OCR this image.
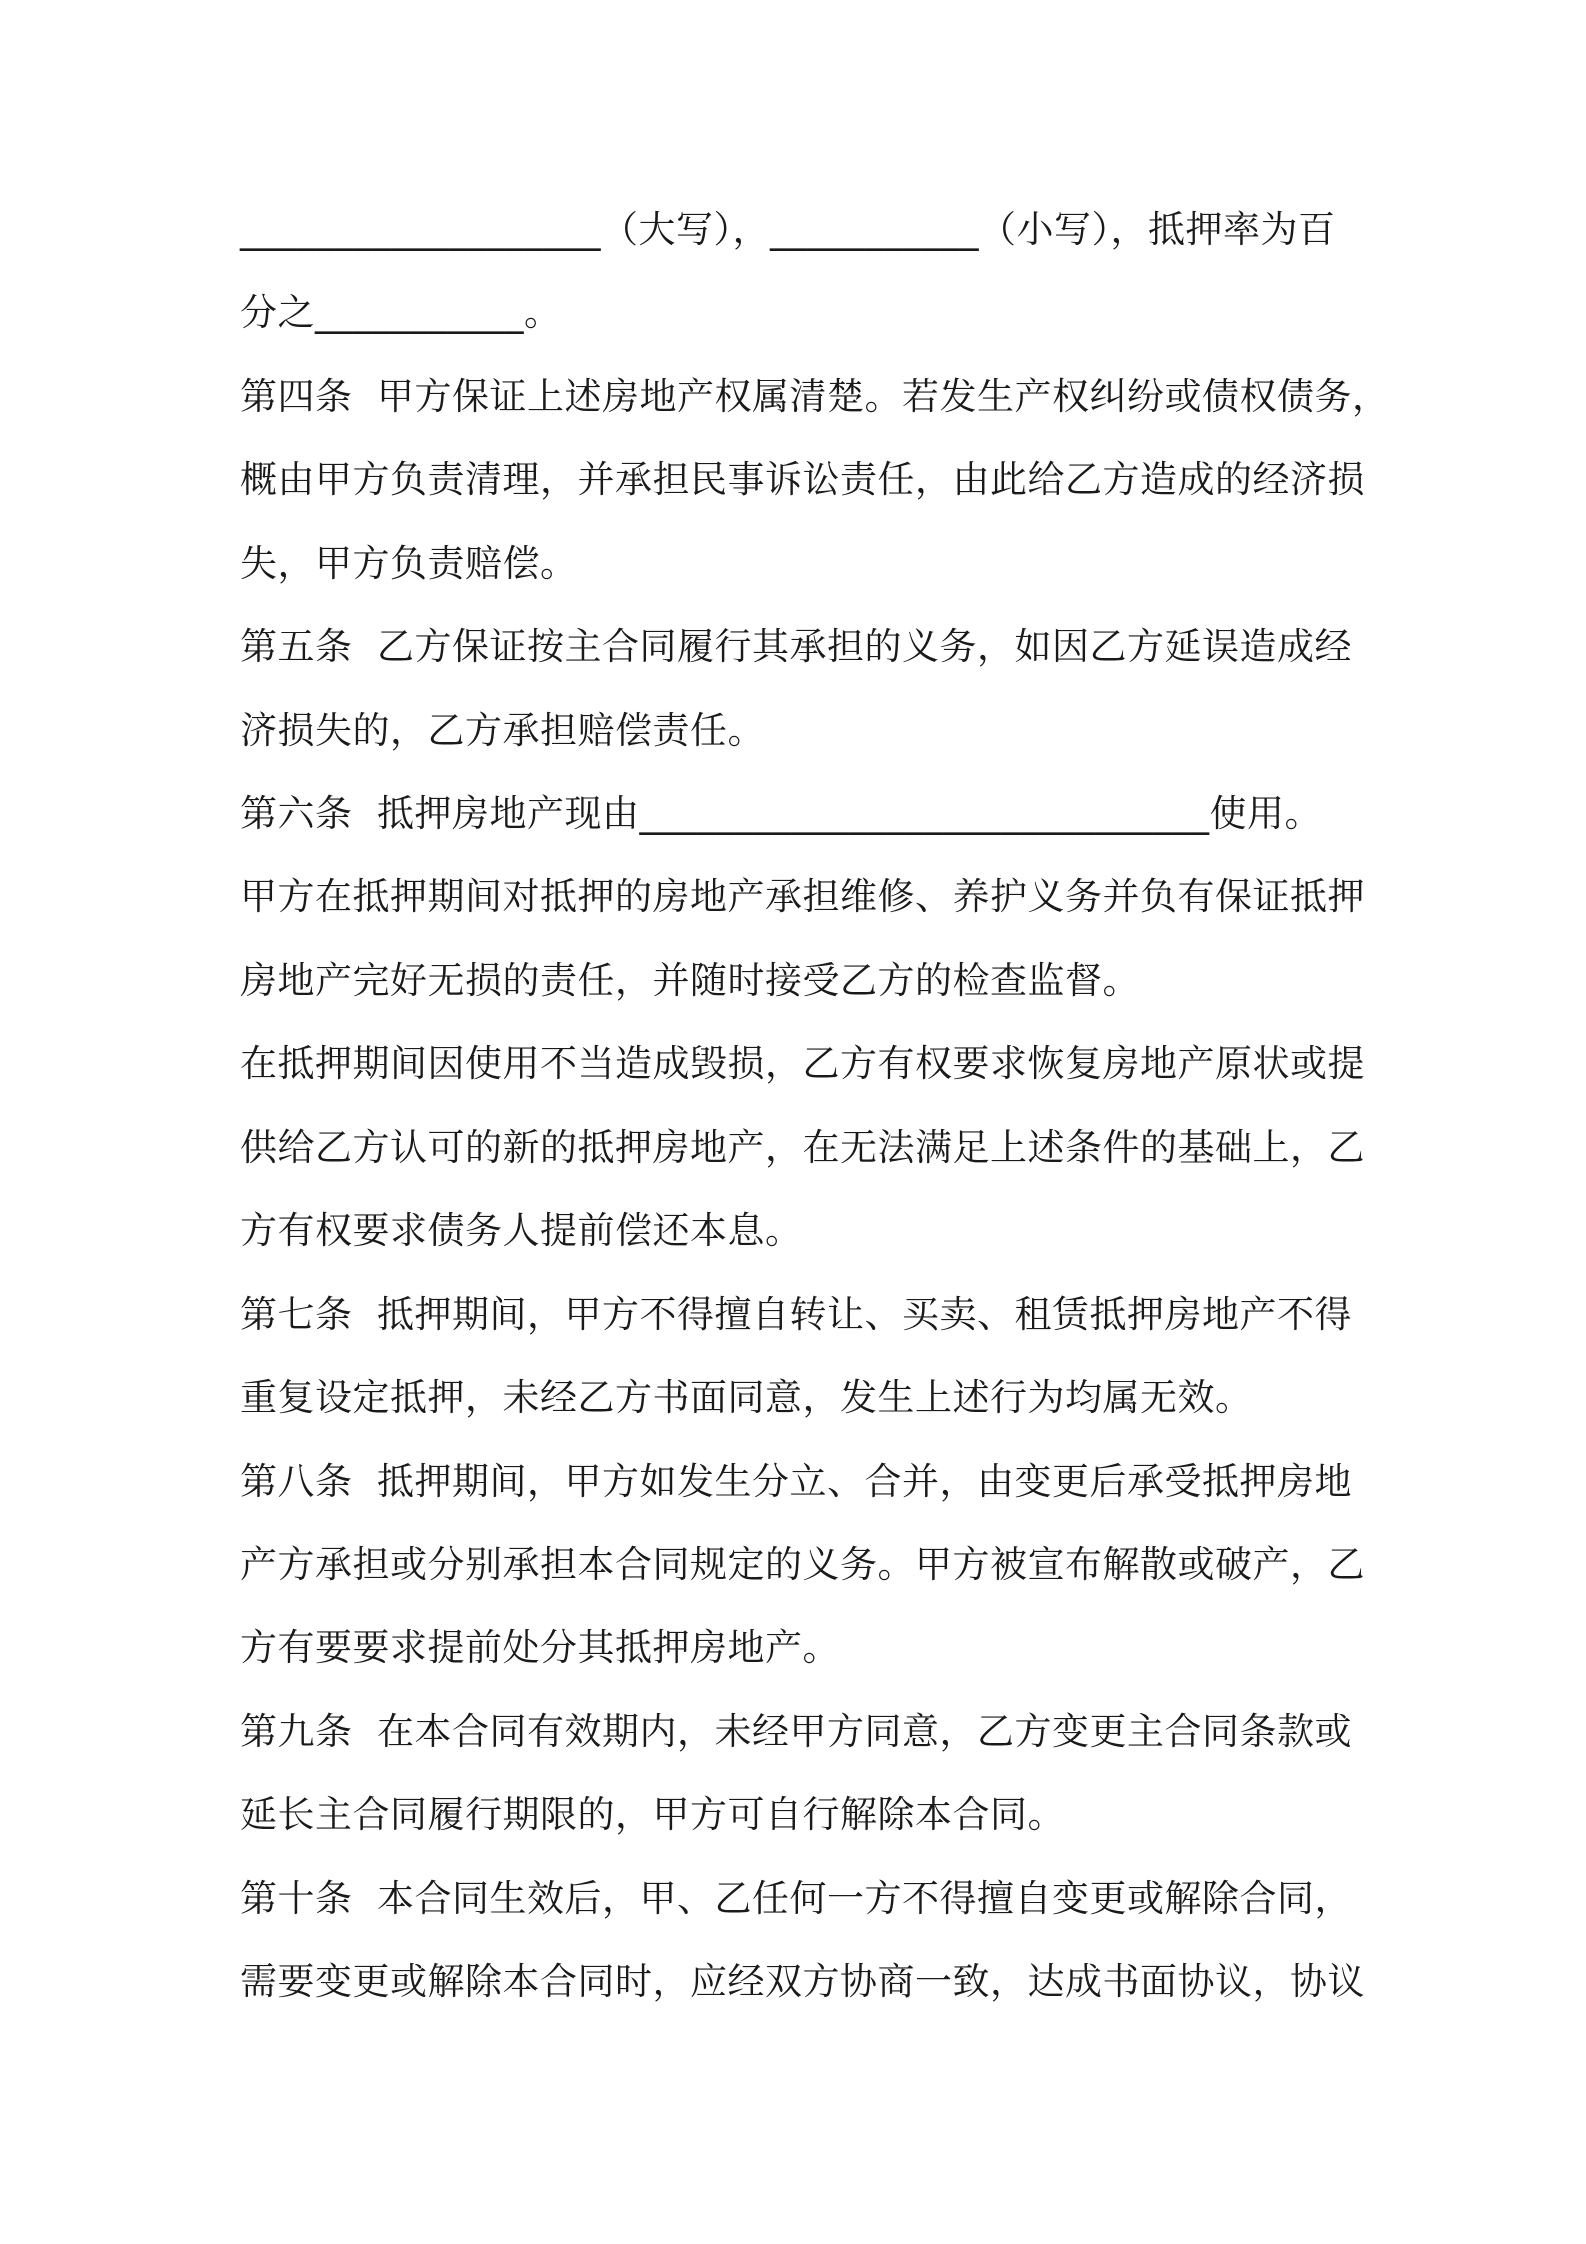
___________________（大写），___________（小写），抵押率为百
分之___________。
第四条  甲方保证上述房地产权属清楚。若发生产权纠纷或债权债务，
概由甲方负责清理，并承担民事诉讼责任，由此给乙方造成的经济损
失，甲方负责赔偿。
第五条  乙方保证按主合同履行其承担的义务，如因乙方延误造成经
济损失的，乙方承担赔偿责任。
第六条  抵押房地产现由______________________________使用。
甲方在抵押期间对抵押的房地产承担维修、养护义务并负有保证抵押
房地产完好无损的责任，并随时接受乙方的检查监督。
在抵押期间因使用不当造成毁损，乙方有权要求恢复房地产原状或提
供给乙方认可的新的抵押房地产，在无法满足上述条件的基础上，乙
方有权要求债务人提前偿还本息。
第七条  抵押期间，甲方不得擅自转让、买卖、租赁抵押房地产不得
重复设定抵押，未经乙方书面同意，发生上述行为均属无效。
第八条  抵押期间，甲方如发生分立、合并，由变更后承受抵押房地
产方承担或分别承担本合同规定的义务。甲方被宣布解散或破产，乙
方有要要求提前处分其抵押房地产。
第九条  在本合同有效期内，未经甲方同意，乙方变更主合同条款或
延长主合同履行期限的，甲方可自行解除本合同。
第十条  本合同生效后，甲、乙任何一方不得擅自变更或解除合同，
需要变更或解除本合同时，应经双方协商一致，达成书面协议，协议
